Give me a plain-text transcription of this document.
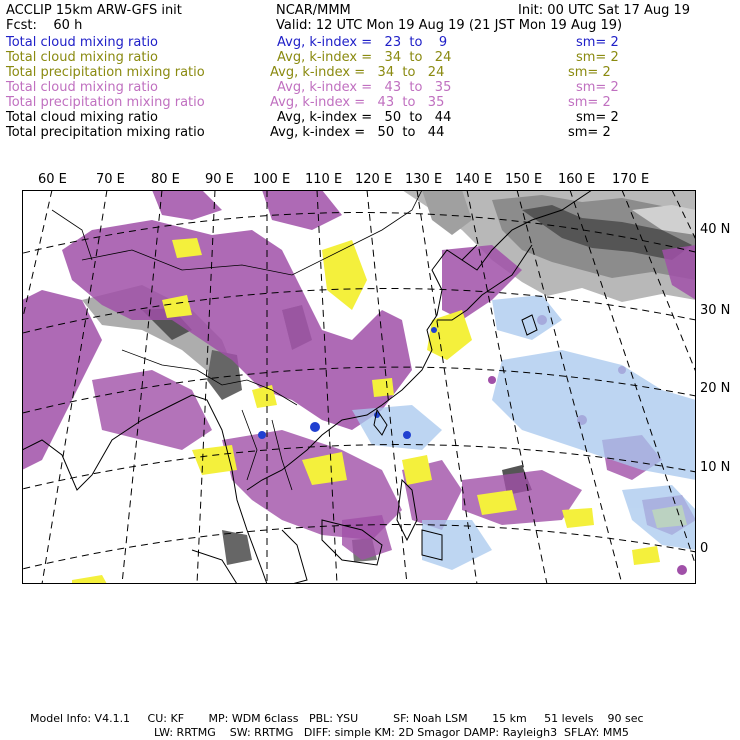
ACCLIP 15km ARW-GFS init	NCAR/MMM	Init: 00 UTC Sat 17 Aug 19
Fcst:    60 h	Valid: 12 UTC Mon 19 Aug 19 (21 JST Mon 19 Aug 19)
Total cloud mixing ratio	Avg, k-index =   23  to    9	sm= 2
Total cloud mixing ratio	Avg, k-index =   34  to   24	sm= 2
Total precipitation mixing ratio	Avg, k-index =   34  to   24	sm= 2
Total cloud mixing ratio	Avg, k-index =   43  to   35	sm= 2
Total precipitation mixing ratio	Avg, k-index =   43  to   35	sm= 2
Total cloud mixing ratio	Avg, k-index =   50  to   44	sm= 2
Total precipitation mixing ratio	Avg, k-index =   50  to   44	sm= 2
60 E 70 E 80 E 90 E 100 E 110 E 120 E 130 E 140 E 150 E 160 E 170 E
40 N
30 N
20 N
10 N
0
Model Info: V4.1.1     CU: KF       MP: WDM 6class   PBL: YSU          SF: Noah LSM       15 km     51 levels    90 sec
LW: RRTMG    SW: RRTMG   DIFF: simple KM: 2D Smagor DAMP: Rayleigh3  SFLAY: MM5
